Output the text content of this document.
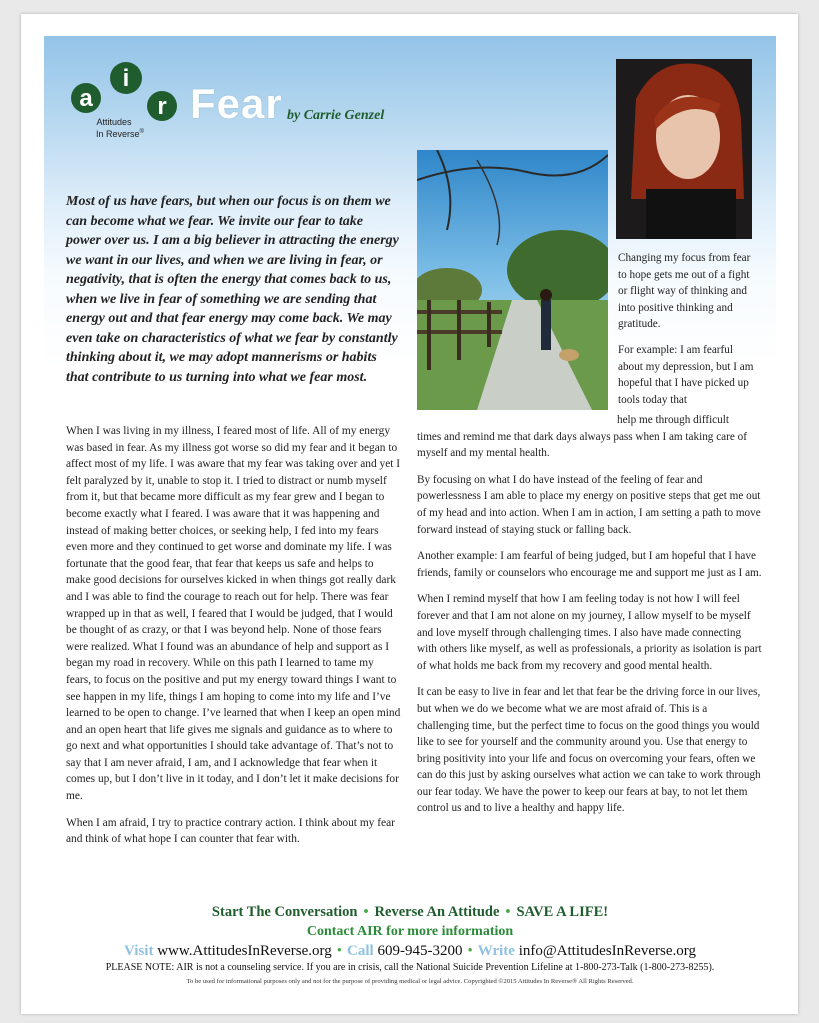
a
i
r
Attitudes
In Reverse®
Fear by Carrie Genzel

Most of us have fears, but when our focus is on them we can become what we fear. We invite our fear to take power over us. I am a big believer in attracting the energy we want in our lives, and when we are living in fear, or negativity, that is often the energy that comes back to us, when we live in fear of something we are sending that energy out and that fear energy may come back. We may even take on characteristics of what we fear by constantly thinking about it, we may adopt mannerisms or habits that contribute to us turning into what we fear most.

When I was living in my illness, I feared most of life. All of my energy was based in fear. As my illness got worse so did my fear and it began to affect most of my life. I was aware that my fear was taking over and yet I felt paralyzed by it, unable to stop it. I tried to distract or numb myself from it, but that became more difficult as my fear grew and I began to become exactly what I feared. I was aware that it was happening and instead of making better choices, or seeking help, I fed into my fears even more and they continued to get worse and dominate my life. I was fortunate that the good fear, that fear that keeps us safe and helps to make good decisions for ourselves kicked in when things got really dark and I was able to find the courage to reach out for help. There was fear wrapped up in that as well, I feared that I would be judged, that I would be thought of as crazy, or that I was beyond help. None of those fears were realized. What I found was an abundance of help and support as I began my road in recovery. While on this path I learned to tame my fears, to focus on the positive and put my energy toward things I want to see happen in my life, things I am hoping to come into my life and I’ve learned to be open to change. I’ve learned that when I keep an open mind and an open heart that life gives me signals and guidance as to where to go next and what opportunities I should take advantage of. That’s not to say that I am never afraid, I am, and I acknowledge that fear when it comes up, but I don’t live in it today, and I don’t let it make decisions for me.

When I am afraid, I try to practice contrary action. I think about my fear and think of what hope I can counter that fear with.

Changing my focus from fear to hope gets me out of a fight or flight way of thinking and into positive thinking and gratitude.

For example: I am fearful about my depression, but I am hopeful that I have picked up tools today that

help me through difficult
times and remind me that dark days always pass when I am taking care of myself and my mental health.

By focusing on what I do have instead of the feeling of fear and powerlessness I am able to place my energy on positive steps that get me out of my head and into action. When I am in action, I am setting a path to move forward instead of staying stuck or falling back.

Another example: I am fearful of being judged, but I am hopeful that I have friends, family or counselors who encourage me and support me just as I am.

When I remind myself that how I am feeling today is not how I will feel forever and that I am not alone on my journey, I allow myself to be myself and love myself through challenging times. I also have made connecting with others like myself, as well as professionals, a priority as isolation is part of what holds me back from my recovery and good mental health.

It can be easy to live in fear and let that fear be the driving force in our lives, but when we do we become what we are most afraid of. This is a challenging time, but the perfect time to focus on the good things you would like to see for yourself and the community around you. Use that energy to bring positivity into your life and focus on overcoming your fears, often we can do this just by asking ourselves what action we can take to work through our fear today. We have the power to keep our fears at bay, to not let them control us and to live a healthy and happy life.

Start The Conversation • Reverse An Attitude • SAVE A LIFE!
Contact AIR for more information
Visit www.AttitudesInReverse.org • Call 609-945-3200 • Write info@AttitudesInReverse.org
PLEASE NOTE: AIR is not a counseling service. If you are in crisis, call the National Suicide Prevention Lifeline at 1-800-273-Talk (1-800-273-8255).
To be used for informational purposes only and not for the purpose of providing medical or legal advice. Copyrighted ©2015 Attitudes In Reverse® All Rights Reserved.
